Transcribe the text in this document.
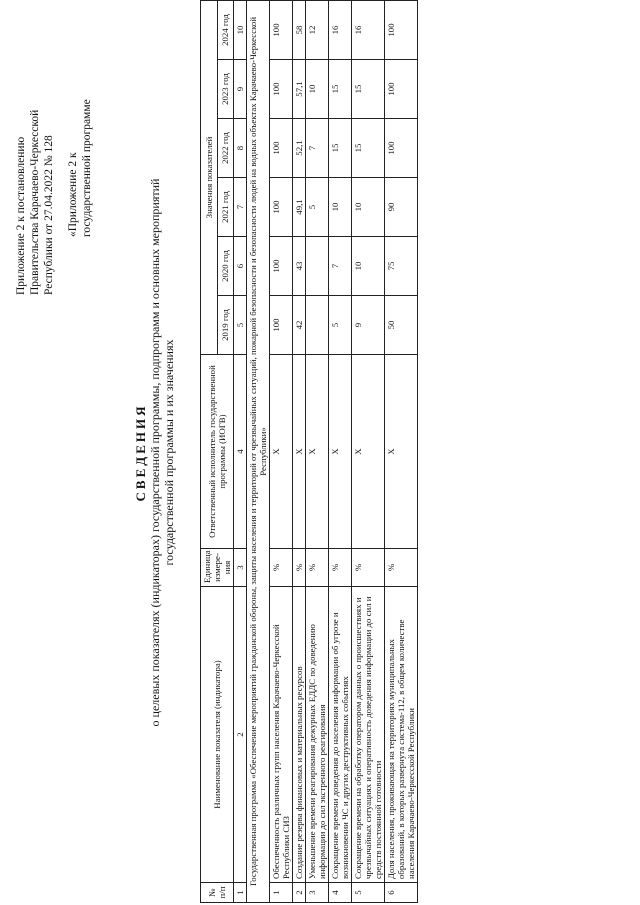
Приложение 2 к постановлению Правительства Карачаево-Черкесской Республики от 27.04.2022 № 128 «Приложение 2 к государственной программе
СВЕДЕНИЯ о целевых показателях (индикаторах) государственной программы, подпрограмм и основных мероприятий государственной программы и их значениях
№ п/п	Наименование показателя (индикатора)	Единица измере-ния	Ответственный исполнитель государственной программы (ИОГВ)	Значения показателей					
				2019 год	2020 год	2021 год	2022 год	2023 год	2024 год
1	2	3	4	5	6	7	8	9	10
Государственная программа «Обеспечение мероприятий гражданской обороны, защиты населения и территорий от чрезвычайных ситуаций, пожарной безопасности и безопасности людей на водных объектах Карачаево-Черкесской Республики»									
1	Обеспеченность различных групп населения Карачаево-Черкесской Республики СИЗ	%	Х	100	100	100	100	100	100
2	Создание резерва финансовых и материальных ресурсов	%	Х	42	43	49,1	52,1	57,1	58
3	Уменьшение времени реагирования дежурных ЕДДС по доведению информации до сил экстренного реагирования	%	Х			5	7	10	12
4	Сокращение времени доведения до населения информации об угрозе и возникновении ЧС и других деструктивных событиях	%	Х	5	7	10	15	15	16
5	Сокращение времени на обработку оператором данных о происшествиях и чрезвычайных ситуациях и оперативность доведения информации до сил и средств постоянной готовности	%	Х	9	10	10	15	15	16
6	Доля населения, проживающая на территориях муниципальных образований, в которых развернута система-112, в общем количестве населения Карачаево-Черкесской Республики	%	Х	50	75	90	100	100	100
